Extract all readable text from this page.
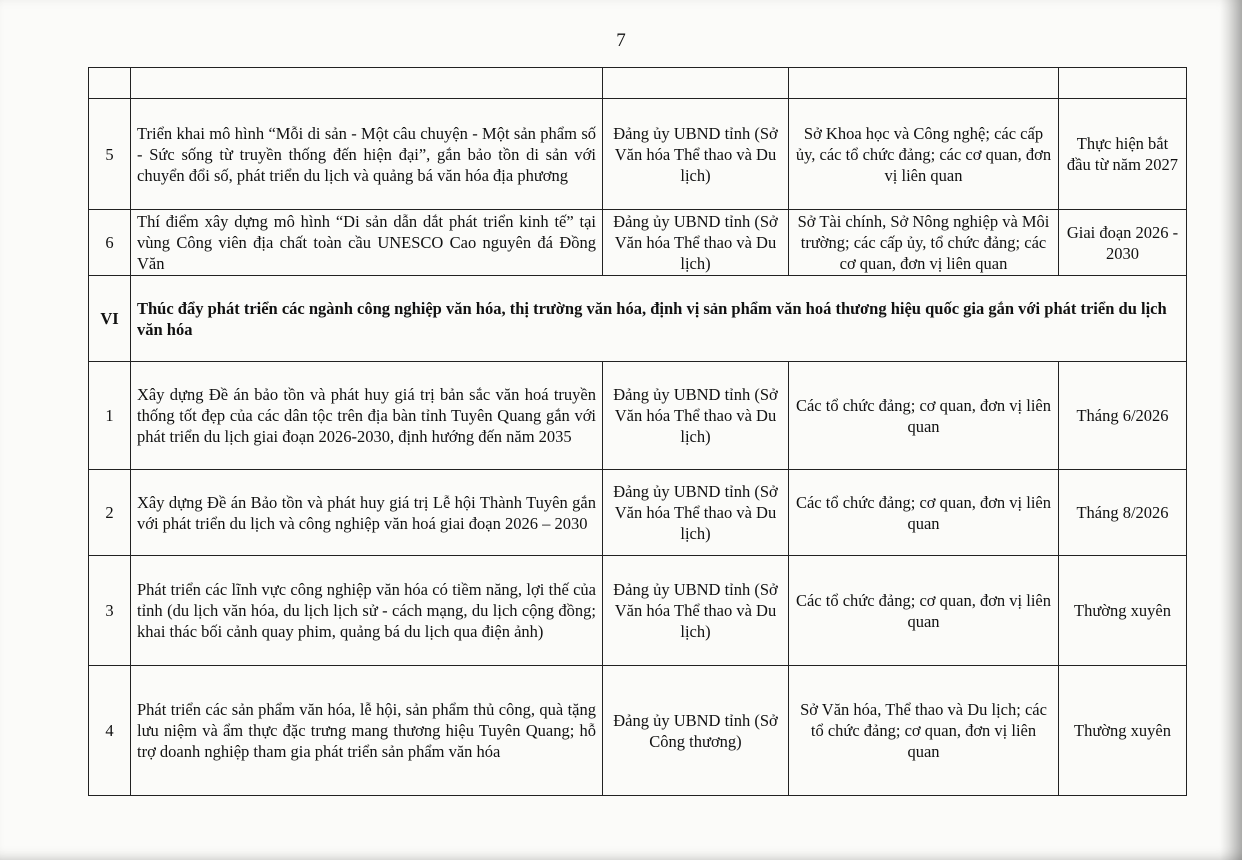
7

5	Triển khai mô hình “Mỗi di sản - Một câu chuyện - Một sản phẩm số - Sức sống từ truyền thống đến hiện đại”, gắn bảo tồn di sản với chuyển đổi số, phát triển du lịch và quảng bá văn hóa địa phương	Đảng ủy UBND tỉnh (Sở Văn hóa Thể thao và Du lịch)	Sở Khoa học và Công nghệ; các cấp ủy, các tổ chức đảng; các cơ quan, đơn vị liên quan	Thực hiện bắt đầu từ năm 2027
6	Thí điểm xây dựng mô hình “Di sản dẫn dắt phát triển kinh tế” tại vùng Công viên địa chất toàn cầu UNESCO Cao nguyên đá Đồng Văn	Đảng ủy UBND tỉnh (Sở Văn hóa Thể thao và Du lịch)	Sở Tài chính, Sở Nông nghiệp và Môi trường; các cấp ủy, tổ chức đảng; các cơ quan, đơn vị liên quan	Giai đoạn 2026 - 2030
VI	Thúc đẩy phát triển các ngành công nghiệp văn hóa, thị trường văn hóa, định vị sản phẩm văn hoá thương hiệu quốc gia gắn với phát triển du lịch văn hóa			
1	Xây dựng Đề án bảo tồn và phát huy giá trị bản sắc văn hoá truyền thống tốt đẹp của các dân tộc trên địa bàn tỉnh Tuyên Quang gắn với phát triển du lịch giai đoạn 2026-2030, định hướng đến năm 2035	Đảng ủy UBND tỉnh (Sở Văn hóa Thể thao và Du lịch)	Các tổ chức đảng; cơ quan, đơn vị liên quan	Tháng 6/2026
2	Xây dựng Đề án Bảo tồn và phát huy giá trị Lễ hội Thành Tuyên gắn với phát triển du lịch và công nghiệp văn hoá giai đoạn 2026 – 2030	Đảng ủy UBND tỉnh (Sở Văn hóa Thể thao và Du lịch)	Các tổ chức đảng; cơ quan, đơn vị liên quan	Tháng 8/2026
3	Phát triển các lĩnh vực công nghiệp văn hóa có tiềm năng, lợi thế của tỉnh (du lịch văn hóa, du lịch lịch sử - cách mạng, du lịch cộng đồng; khai thác bối cảnh quay phim, quảng bá du lịch qua điện ảnh)	Đảng ủy UBND tỉnh (Sở Văn hóa Thể thao và Du lịch)	Các tổ chức đảng; cơ quan, đơn vị liên quan	Thường xuyên
4	Phát triển các sản phẩm văn hóa, lễ hội, sản phẩm thủ công, quà tặng lưu niệm và ẩm thực đặc trưng mang thương hiệu Tuyên Quang; hỗ trợ doanh nghiệp tham gia phát triển sản phẩm văn hóa	Đảng ủy UBND tỉnh (Sở Công thương)	Sở Văn hóa, Thể thao và Du lịch; các tổ chức đảng; cơ quan, đơn vị liên quan	Thường xuyên
